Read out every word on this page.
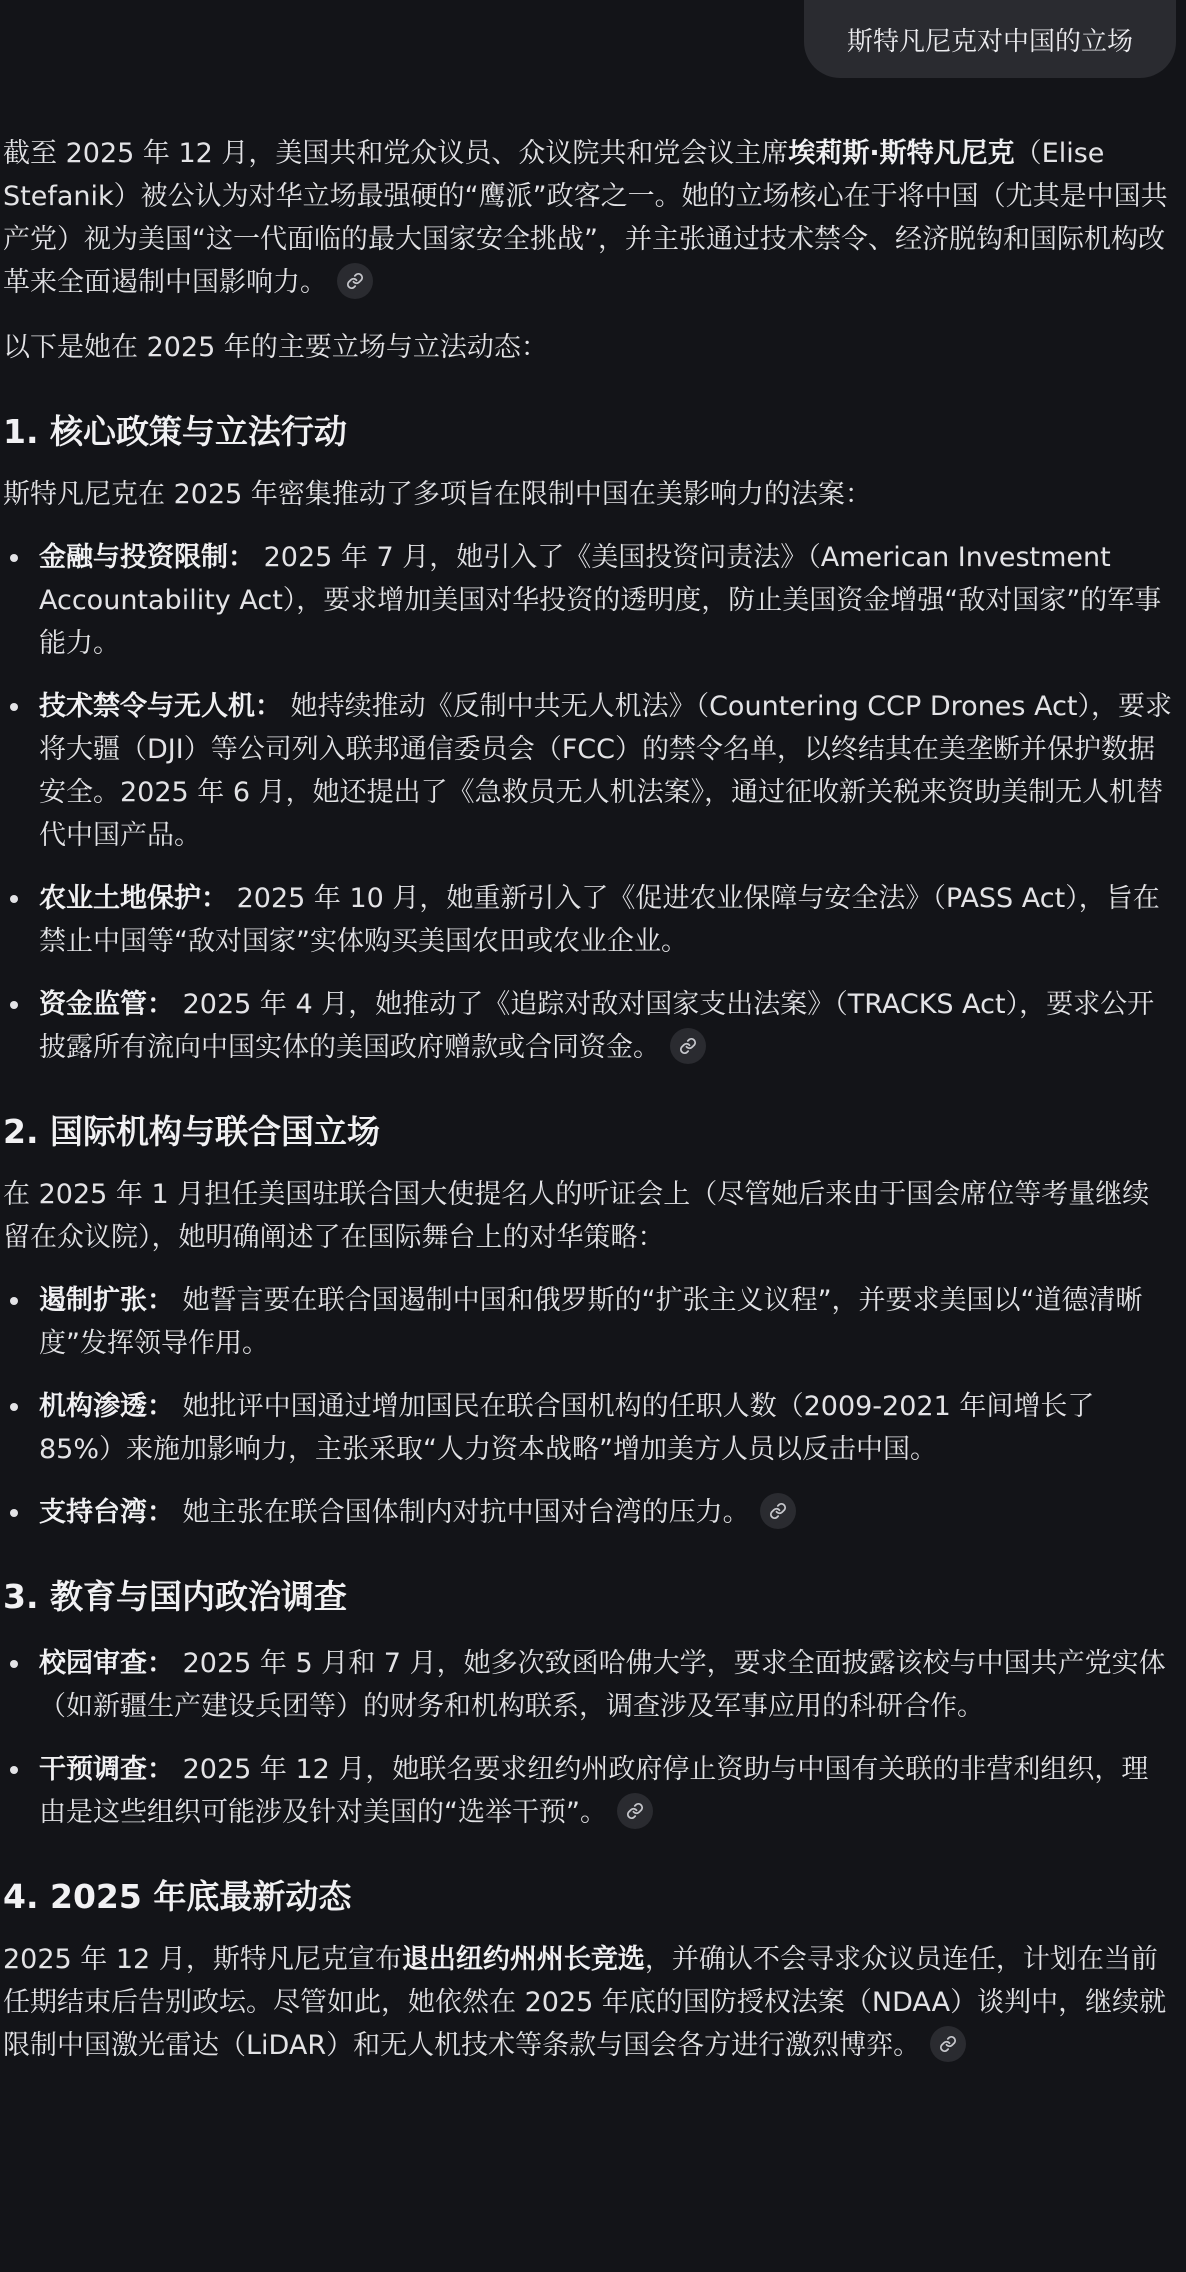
斯特凡尼克对中国的立场

截至 2025 年 12 月，美国共和党众议员、众议院共和党会议主席埃莉斯·斯特凡尼克（Elise Stefanik）被公认为对华立场最强硬的“鹰派”政客之一。她的立场核心在于将中国（尤其是中国共产党）视为美国“这一代面临的最大国家安全挑战”，并主张通过技术禁令、经济脱钩和国际机构改革来全面遏制中国影响力。

以下是她在 2025 年的主要立场与立法动态：

1. 核心政策与立法行动

斯特凡尼克在 2025 年密集推动了多项旨在限制中国在美影响力的法案：

金融与投资限制： 2025 年 7 月，她引入了《美国投资问责法》（American Investment Accountability Act），要求增加美国对华投资的透明度，防止美国资金增强“敌对国家”的军事能力。
技术禁令与无人机： 她持续推动《反制中共无人机法》（Countering CCP Drones Act），要求将大疆（DJI）等公司列入联邦通信委员会（FCC）的禁令名单，以终结其在美垄断并保护数据安全。2025 年 6 月，她还提出了《急救员无人机法案》，通过征收新关税来资助美制无人机替代中国产品。
农业土地保护： 2025 年 10 月，她重新引入了《促进农业保障与安全法》（PASS Act），旨在禁止中国等“敌对国家”实体购买美国农田或农业企业。
资金监管： 2025 年 4 月，她推动了《追踪对敌对国家支出法案》（TRACKS Act），要求公开披露所有流向中国实体的美国政府赠款或合同资金。
2. 国际机构与联合国立场

在 2025 年 1 月担任美国驻联合国大使提名人的听证会上（尽管她后来由于国会席位等考量继续留在众议院），她明确阐述了在国际舞台上的对华策略：

遏制扩张： 她誓言要在联合国遏制中国和俄罗斯的“扩张主义议程”，并要求美国以“道德清晰度”发挥领导作用。
机构渗透： 她批评中国通过增加国民在联合国机构的任职人数（2009-2021 年间增长了 85%）来施加影响力，主张采取“人力资本战略”增加美方人员以反击中国。
支持台湾： 她主张在联合国体制内对抗中国对台湾的压力。
3. 教育与国内政治调查
校园审查： 2025 年 5 月和 7 月，她多次致函哈佛大学，要求全面披露该校与中国共产党实体（如新疆生产建设兵团等）的财务和机构联系，调查涉及军事应用的科研合作。
干预调查： 2025 年 12 月，她联名要求纽约州政府停止资助与中国有关联的非营利组织，理由是这些组织可能涉及针对美国的“选举干预”。
4. 2025 年底最新动态

2025 年 12 月，斯特凡尼克宣布退出纽约州州长竞选，并确认不会寻求众议员连任，计划在当前任期结束后告别政坛。尽管如此，她依然在 2025 年底的国防授权法案（NDAA）谈判中，继续就限制中国激光雷达（LiDAR）和无人机技术等条款与国会各方进行激烈博弈。
